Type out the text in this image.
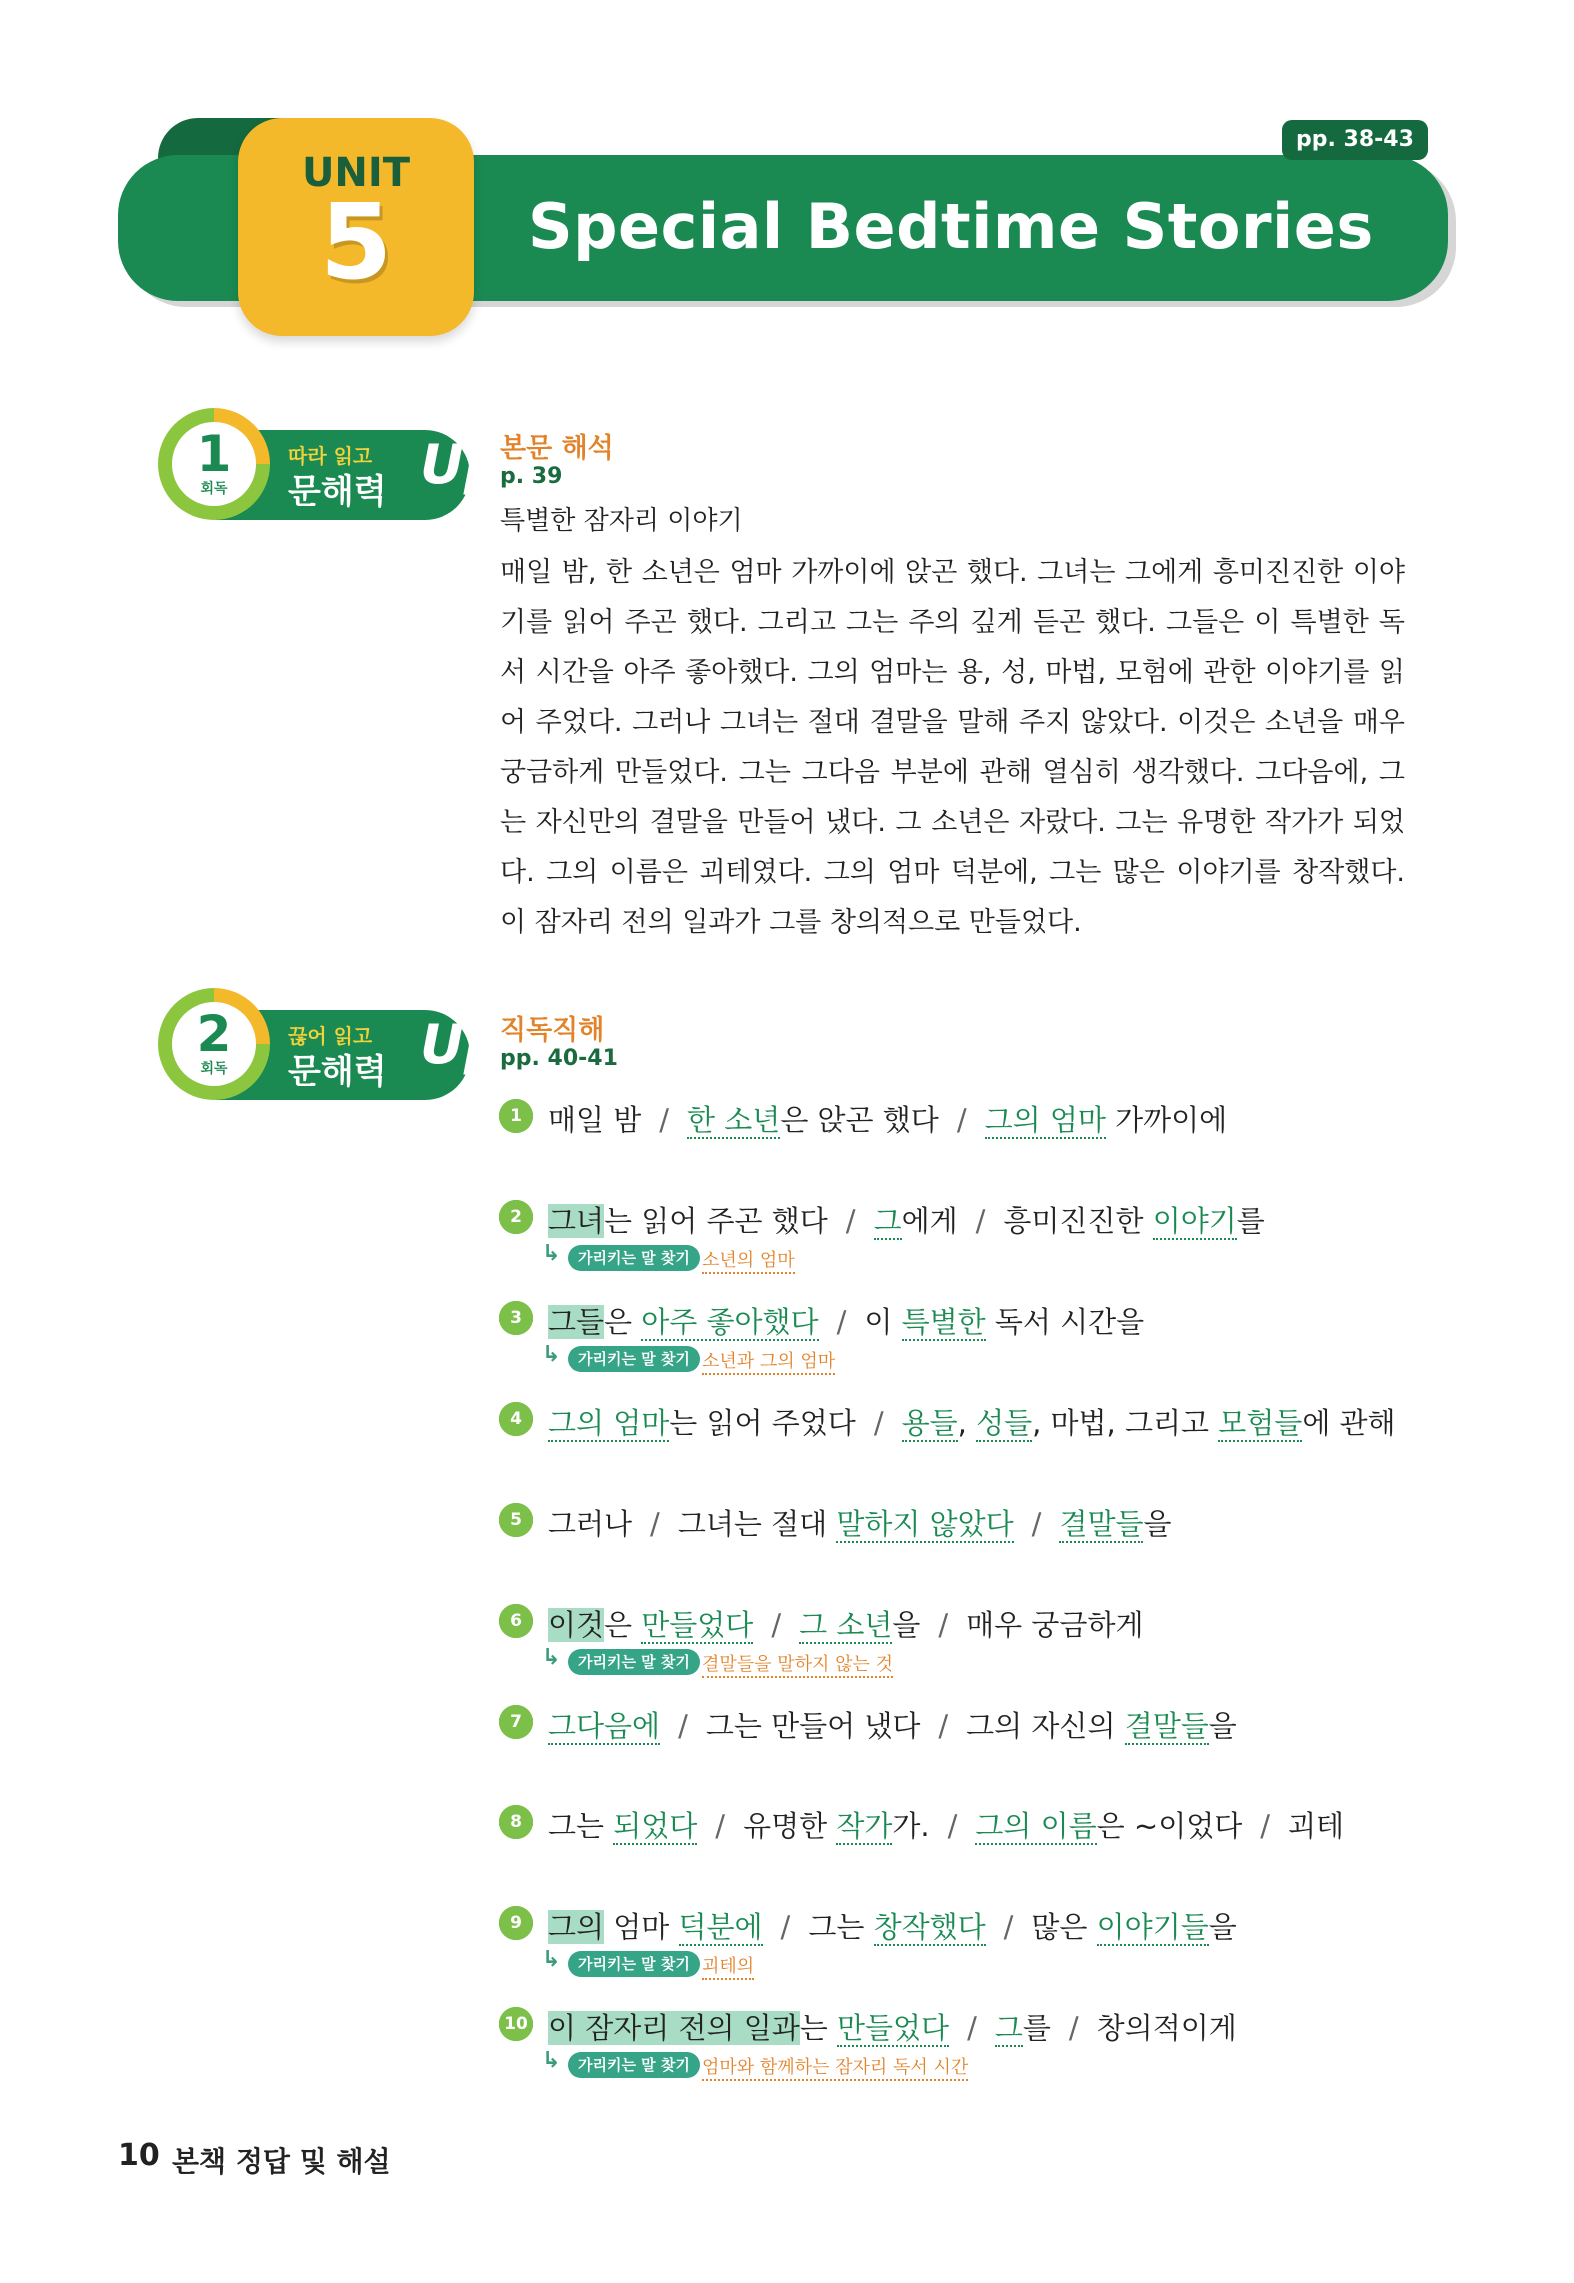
pp. 38-43
UNIT
5	Special Bedtime Stories
1
회독
따라 읽고
문해력 Up
본문 해석
p. 39
특별한 잠자리 이야기
매일 밤, 한 소년은 엄마 가까이에 앉곤 했다. 그녀는 그에게 흥미진진한 이야기를 읽어 주곤 했다. 그리고 그는 주의 깊게 듣곤 했다. 그들은 이 특별한 독서 시간을 아주 좋아했다. 그의 엄마는 용, 성, 마법, 모험에 관한 이야기를 읽어 주었다. 그러나 그녀는 절대 결말을 말해 주지 않았다. 이것은 소년을 매우 궁금하게 만들었다. 그는 그다음 부분에 관해 열심히 생각했다. 그다음에, 그는 자신만의 결말을 만들어 냈다. 그 소년은 자랐다. 그는 유명한 작가가 되었다. 그의 이름은 괴테였다. 그의 엄마 덕분에, 그는 많은 이야기를 창작했다. 이 잠자리 전의 일과가 그를 창의적으로 만들었다.
2
회독
끊어 읽고
문해력 Up
직독직해
pp. 40-41
1 매일 밤 / 한 소년은 앉곤 했다 / 그의 엄마 가까이에
2 그녀는 읽어 주곤 했다 / 그에게 / 흥미진진한 이야기를
↳	가리키는 말 찾기 소년의 엄마
3 그들은 아주 좋아했다 / 이 특별한 독서 시간을
↳	가리키는 말 찾기 소년과 그의 엄마
4 그의 엄마는 읽어 주었다 / 용들, 성들, 마법, 그리고 모험들에 관해
5 그러나 / 그녀는 절대 말하지 않았다 / 결말들을
6 이것은 만들었다 / 그 소년을 / 매우 궁금하게
↳	가리키는 말 찾기 결말들을 말하지 않는 것
7 그다음에 / 그는 만들어 냈다 / 그의 자신의 결말들을
8 그는 되었다 / 유명한 작가가. / 그의 이름은 ~이었다 / 괴테
9 그의 엄마 덕분에 / 그는 창작했다 / 많은 이야기들을
↳	가리키는 말 찾기 괴테의
10 이 잠자리 전의 일과는 만들었다 / 그를 / 창의적이게
↳	가리키는 말 찾기 엄마와 함께하는 잠자리 독서 시간
10 본책 정답 및 해설
